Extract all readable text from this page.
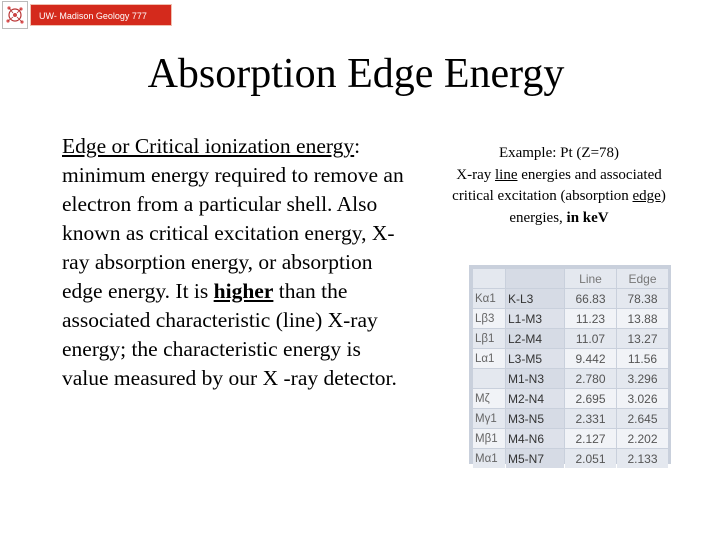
UW- Madison Geology 777
Absorption Edge Energy
Edge or Critical ionization energy: minimum energy required to remove an electron from a particular shell. Also known as critical excitation energy, X-ray absorption energy, or absorption edge energy. It is higher than the associated characteristic (line) X-ray energy; the characteristic energy is value measured by our X -ray detector.
Example: Pt (Z=78)
X-ray line energies and associated critical excitation (absorption edge) energies, in keV
		Line	Edge
Kα1	K-L3	66.83	78.38
Lβ3	L1-M3	11.23	13.88
Lβ1	L2-M4	11.07	13.27
Lα1	L3-M5	9.442	11.56
	M1-N3	2.780	3.296
Mζ	M2-N4	2.695	3.026
Mγ1	M3-N5	2.331	2.645
Mβ1	M4-N6	2.127	2.202
Mα1	M5-N7	2.051	2.133
